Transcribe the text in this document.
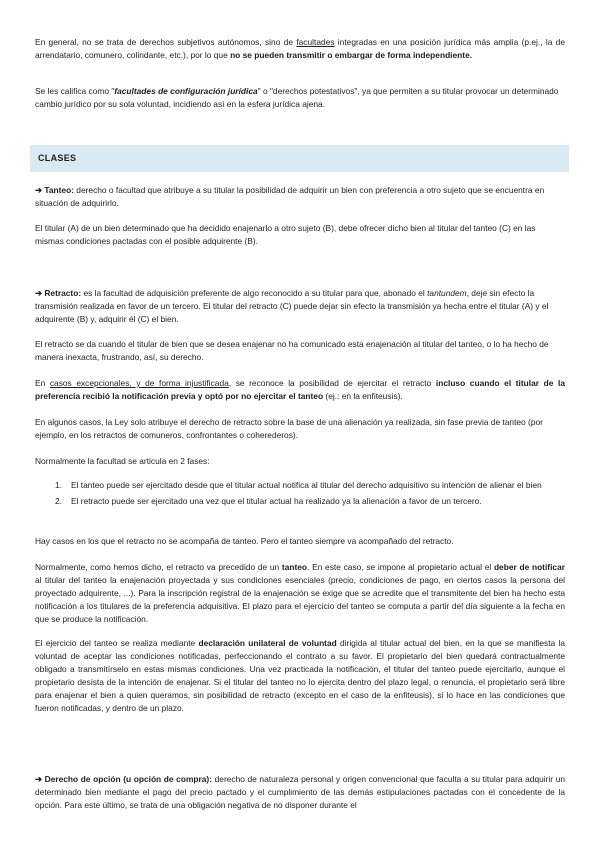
En general, no se trata de derechos subjetivos autónomos, sino de facultades integradas en una posición jurídica más amplia (p.ej., la de arrendatario, comunero, colindante, etc.), por lo que no se pueden transmitir o embargar de forma independiente.

Se les califica como "facultades de configuración jurídica" o "derechos potestativos", ya que permiten a su titular provocar un determinado cambio jurídico por su sola voluntad, incidiendo así en la esfera jurídica ajena.

CLASES

➔ Tanteo: derecho o facultad que atribuye a su titular la posibilidad de adquirir un bien con preferencia a otro sujeto que se encuentra en situación de adquirirlo.

El titular (A) de un bien determinado que ha decidido enajenarlo a otro sujeto (B), debe ofrecer dicho bien al titular del tanteo (C) en las mismas condiciones pactadas con el posible adquirente (B).

➔ Retracto: es la facultad de adquisición preferente de algo reconocido a su titular para que, abonado el tantundem, deje sin efecto la transmisión realizada en favor de un tercero. El titular del retracto (C) puede dejar sin efecto la transmisión ya hecha entre el titular (A) y el adquirente (B) y, adquirir él (C) el bien.

El retracto se da cuando el titular de bien que se desea enajenar no ha comunicado esta enajenación al titular del tanteo, o lo ha hecho de manera inexacta, frustrando, así, su derecho.

En casos excepcionales, y de forma injustificada, se reconoce la posibilidad de ejercitar el retracto incluso cuando el titular de la preferencia recibió la notificación previa y optó por no ejercitar el tanteo (ej.: en la enfiteusis).

En algunos casos, la Ley solo atribuye el derecho de retracto sobre la base de una alienación ya realizada, sin fase previa de tanteo (por ejemplo, en los retractos de comuneros, confrontantes o coherederos).

Normalmente la facultad se articula en 2 fases:

1. El tanteo puede ser ejercitado desde que el titular actual notifica al titular del derecho adquisitivo su intención de alienar el bien
2. El retracto puede ser ejercitado una vez que el titular actual ha realizado ya la alienación a favor de un tercero.

Hay casos en los que el retracto no se acompaña de tanteo. Pero el tanteo siempre va acompañado del retracto.

Normalmente, como hemos dicho, el retracto va precedido de un tanteo. En este caso, se impone al propietario actual el deber de notificar al titular del tanteo la enajenación proyectada y sus condiciones esenciales (precio, condiciones de pago, en ciertos casos la persona del proyectado adquirente, ...). Para la inscripción registral de la enajenación se exige que se acredite que el transmitente del bien ha hecho esta notificación a los titulares de la preferencia adquisitiva. El plazo para el ejercicio del tanteo se computa a partir del día siguiente a la fecha en que se produce la notificación.

El ejercicio del tanteo se realiza mediante declaración unilateral de voluntad dirigida al titular actual del bien, en la que se manifiesta la voluntad de aceptar las condiciones notificadas, perfeccionando el contrato a su favor. El propietario del bien quedará contractualmente obligado a transmitírselo en estas mismas condiciones. Una vez practicada la notificación, el titular del tanteo puede ejercitarlo, aunque el propietario desista de la intención de enajenar. Si el titular del tanteo no lo ejercita dentro del plazo legal, o renuncia, el propietario será libre para enajenar el bien a quien queramos, sin posibilidad de retracto (excepto en el caso de la enfiteusis), si lo hace en las condiciones que fueron notificadas, y dentro de un plazo.

➔ Derecho de opción (u opción de compra): derecho de naturaleza personal y origen convencional que faculta a su titular para adquirir un determinado bien mediante el pago del precio pactado y el cumplimiento de las demás estipulaciones pactadas con el concedente de la opción. Para este último, se trata de una obligación negativa de no disponer durante el
